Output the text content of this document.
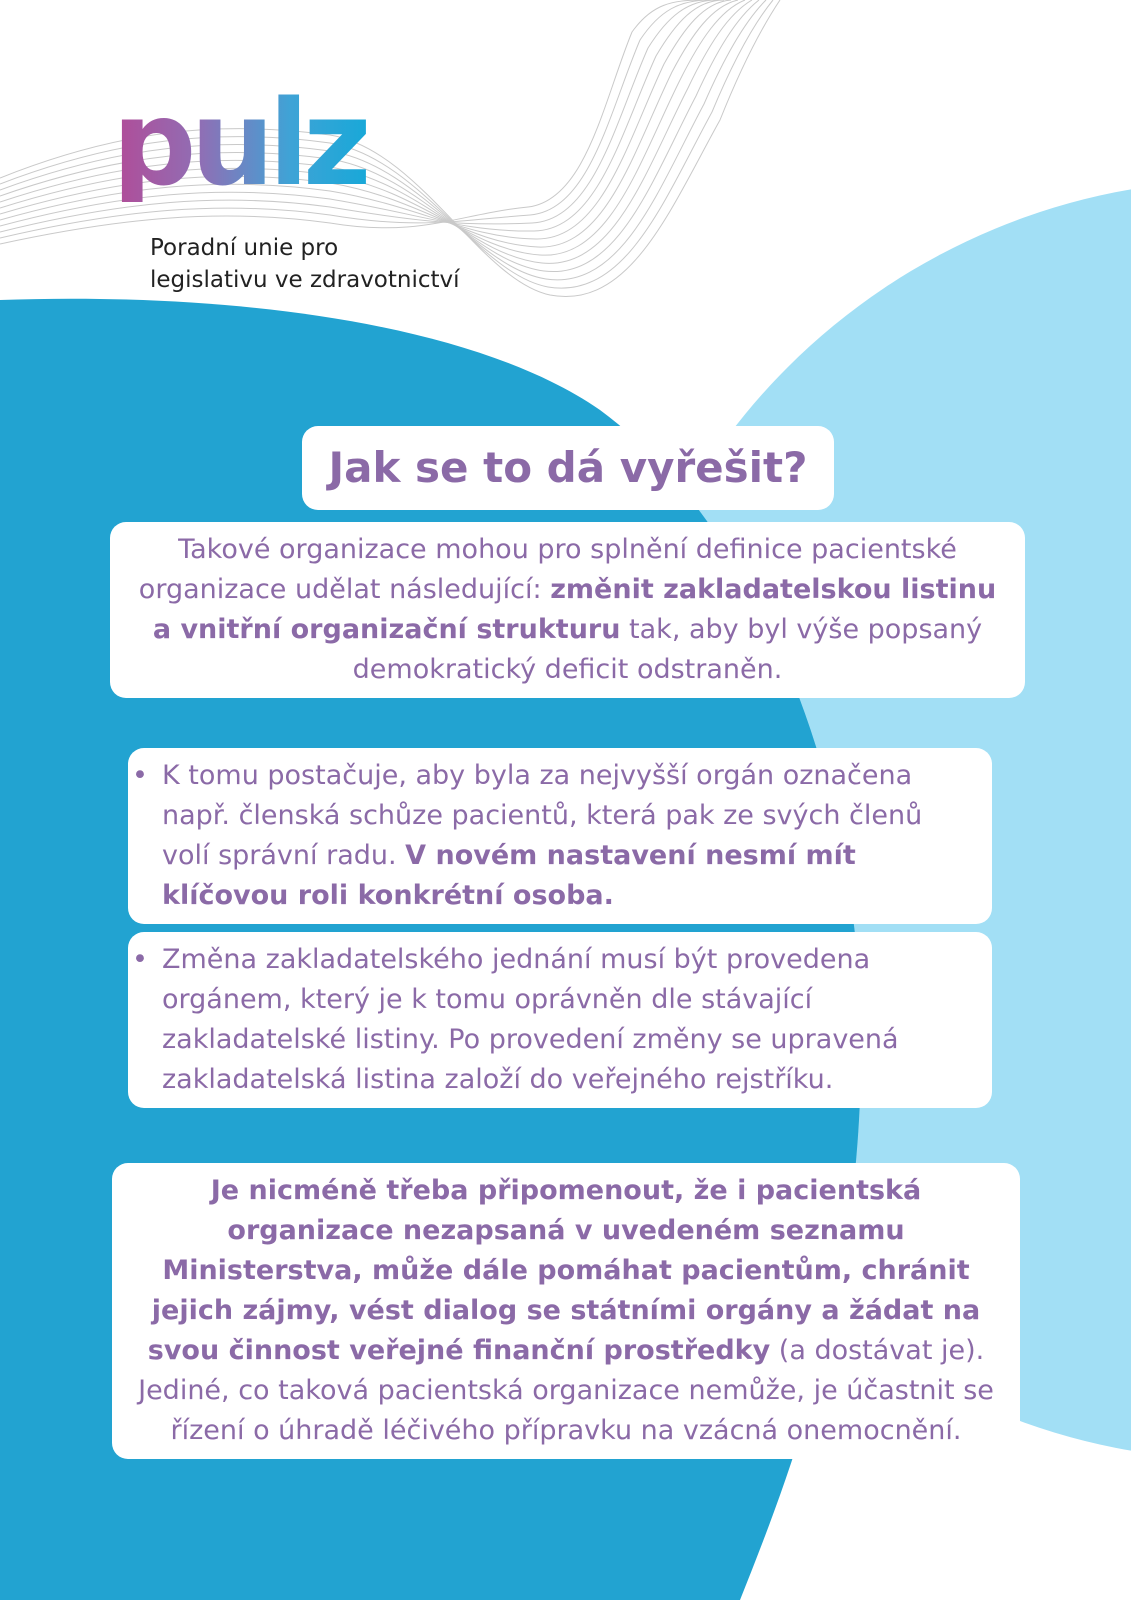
pulz
Poradní unie pro
legislativu ve zdravotnictví
Jak se to dá vyřešit?
Takové organizace mohou pro splnění definice pacientské organizace udělat následující: změnit zakladatelskou listinu a vnitřní organizační strukturu tak, aby byl výše popsaný demokratický deficit odstraněn.
• K tomu postačuje, aby byla za nejvyšší orgán označena např. členská schůze pacientů, která pak ze svých členů volí správní radu. V novém nastavení nesmí mít klíčovou roli konkrétní osoba.
• Změna zakladatelského jednání musí být provedena orgánem, který je k tomu oprávněn dle stávající zakladatelské listiny. Po provedení změny se upravená zakladatelská listina založí do veřejného rejstříku.
Je nicméně třeba připomenout, že i pacientská organizace nezapsaná v uvedeném seznamu Ministerstva, může dále pomáhat pacientům, chránit jejich zájmy, vést dialog se státními orgány a žádat na svou činnost veřejné finanční prostředky (a dostávat je). Jediné, co taková pacientská organizace nemůže, je účastnit se řízení o úhradě léčivého přípravku na vzácná onemocnění.
